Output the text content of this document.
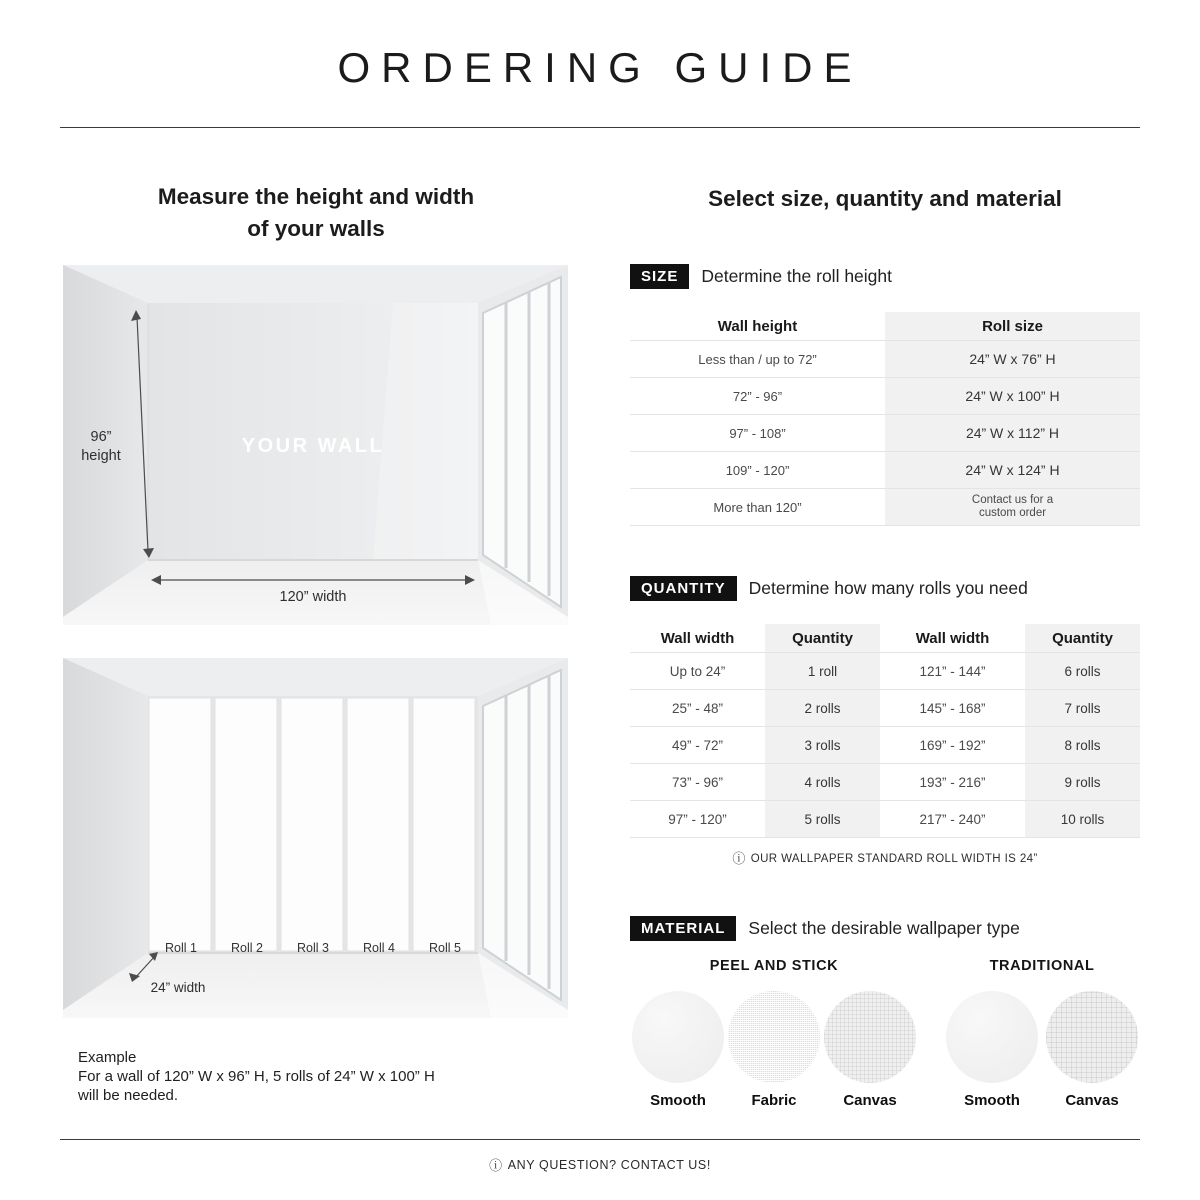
ORDERING GUIDE
Measure the height and width
of your walls
YOUR WALL
96”
height
120” width
Roll 1	Roll 2	Roll 3	Roll 4	Roll 5
24” width
Example
For a wall of 120” W x 96” H, 5 rolls of 24” W x 100” H
will be needed.
Select size, quantity and material
SIZE	Determine the roll height
Wall height	Roll size
Less than / up to 72”	24” W x 76” H
72” - 96”	24” W x 100” H
97” - 108”	24” W x 112” H
109” - 120”	24” W x 124” H
More than 120”	Contact us for a
custom order
QUANTITY	Determine how many rolls you need
Wall width	Quantity	Wall width	Quantity
Up to 24”	1 roll	121” - 144”	6 rolls
25” - 48”	2 rolls	145” - 168”	7 rolls
49” - 72”	3 rolls	169” - 192”	8 rolls
73” - 96”	4 rolls	193” - 216”	9 rolls
97” - 120”	5 rolls	217” - 240”	10 rolls
ⓘ OUR WALLPAPER STANDARD ROLL WIDTH IS 24”
MATERIAL	Select the desirable wallpaper type
PEEL AND STICK
Smooth	Fabric	Canvas
TRADITIONAL
Smooth	Canvas
ⓘ ANY QUESTION? CONTACT US!
